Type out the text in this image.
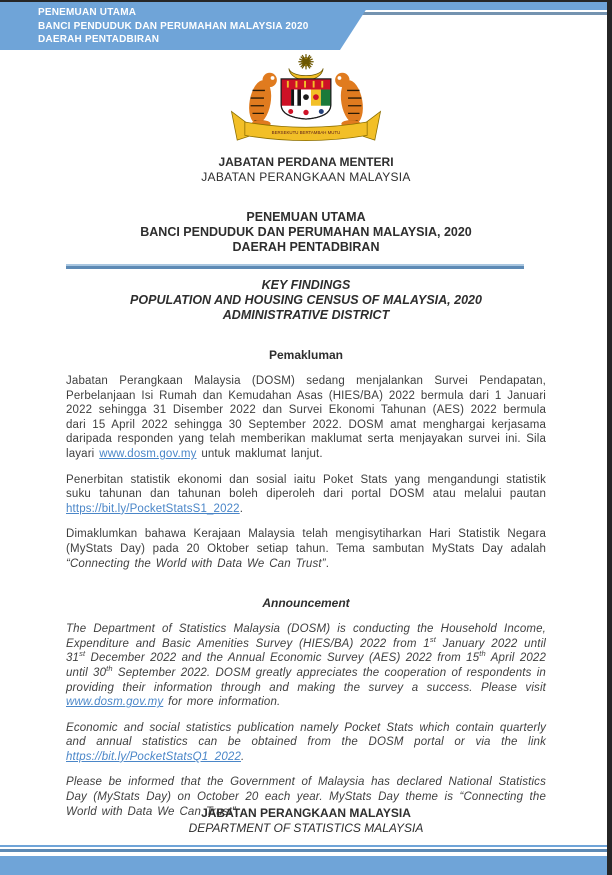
PENEMUAN UTAMA
BANCI PENDUDUK DAN PERUMAHAN MALAYSIA 2020
DAERAH PENTADBIRAN
BERSEKUTU BERTAMBAH MUTU
JABATAN PERDANA MENTERI
JABATAN PERANGKAAN MALAYSIA
PENEMUAN UTAMA
BANCI PENDUDUK DAN PERUMAHAN MALAYSIA, 2020
DAERAH PENTADBIRAN
KEY FINDINGS
POPULATION AND HOUSING CENSUS OF MALAYSIA, 2020
ADMINISTRATIVE DISTRICT
Pemakluman

Jabatan Perangkaan Malaysia (DOSM) sedang menjalankan Survei Pendapatan, Perbelanjaan Isi Rumah dan Kemudahan Asas (HIES/BA) 2022 bermula dari 1 Januari 2022 sehingga 31 Disember 2022 dan Survei Ekonomi Tahunan (AES) 2022 bermula dari 15 April 2022 sehingga 30 September 2022. DOSM amat menghargai kerjasama daripada responden yang telah memberikan maklumat serta menjayakan survei ini. Sila layari www.dosm.gov.my untuk maklumat lanjut.

Penerbitan statistik ekonomi dan sosial iaitu Poket Stats yang mengandungi statistik suku tahunan dan tahunan boleh diperoleh dari portal DOSM atau melalui pautan https://bit.ly/PocketStatsS1_2022.

Dimaklumkan bahawa Kerajaan Malaysia telah mengisytiharkan Hari Statistik Negara (MyStats Day) pada 20 Oktober setiap tahun. Tema sambutan MyStats Day adalah “Connecting the World with Data We Can Trust”.

Announcement

The Department of Statistics Malaysia (DOSM) is conducting the Household Income, Expenditure and Basic Amenities Survey (HIES/BA) 2022 from 1st January 2022 until 31st December 2022 and the Annual Economic Survey (AES) 2022 from 15th April 2022 until 30th September 2022. DOSM greatly appreciates the cooperation of respondents in providing their information through and making the survey a success. Please visit www.dosm.gov.my for more information.

Economic and social statistics publication namely Pocket Stats which contain quarterly and annual statistics can be obtained from the DOSM portal or via the link https://bit.ly/PocketStatsQ1_2022.

Please be informed that the Government of Malaysia has declared National Statistics Day (MyStats Day) on October 20 each year. MyStats Day theme is “Connecting the World with Data We Can Trust”.

JABATAN PERANGKAAN MALAYSIA
DEPARTMENT OF STATISTICS MALAYSIA
